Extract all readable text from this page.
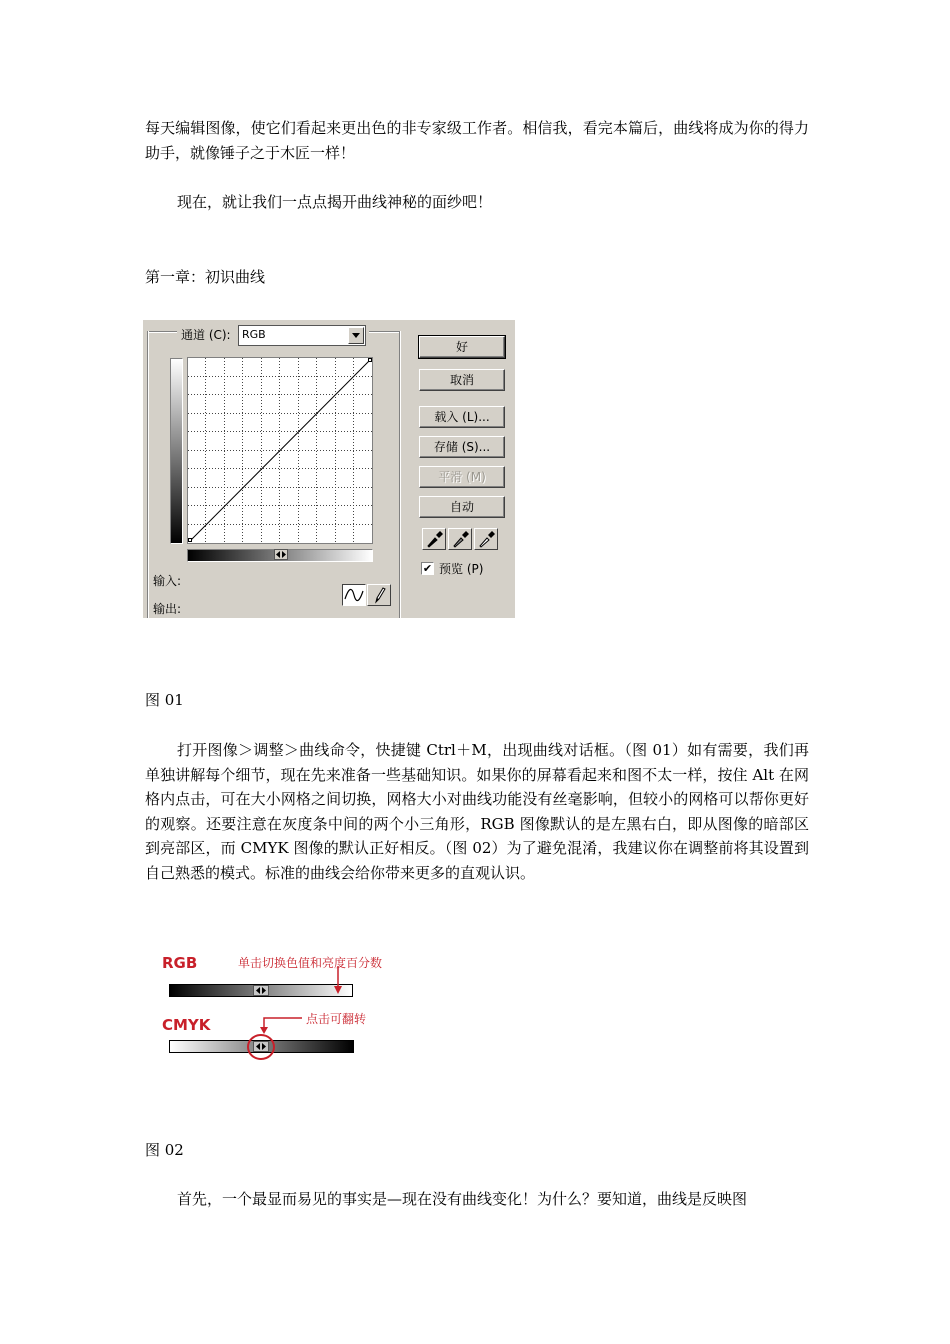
每天编辑图像，使它们看起来更出色的非专家级工作者。相信我，看完本篇后，曲线将成为你的得力助手，就像锤子之于木匠一样！
现在，就让我们一点点揭开曲线神秘的面纱吧！
第一章：初识曲线
通道 (C): RGB
输入:
输出:
好
取消
载入 (L)...
存储 (S)...
平滑 (M)
自动
✔ 预览 (P)
图 01
打开图像＞调整＞曲线命令，快捷键 Ctrl＋M，出现曲线对话框。（图 01）如有需要，我们再单独讲解每个细节，现在先来准备一些基础知识。如果你的屏幕看起来和图不太一样，按住 Alt 在网格内点击，可在大小网格之间切换，网格大小对曲线功能没有丝毫影响，但较小的网格可以帮你更好的观察。还要注意在灰度条中间的两个小三角形，RGB 图像默认的是左黑右白，即从图像的暗部区到亮部区，而 CMYK 图像的默认正好相反。（图 02）为了避免混淆，我建议你在调整前将其设置到自己熟悉的模式。标准的曲线会给你带来更多的直观认识。
RGB	单击切换色值和亮度百分数
CMYK	点击可翻转
图 02
首先，一个最显而易见的事实是—现在没有曲线变化！为什么？要知道，曲线是反映图
